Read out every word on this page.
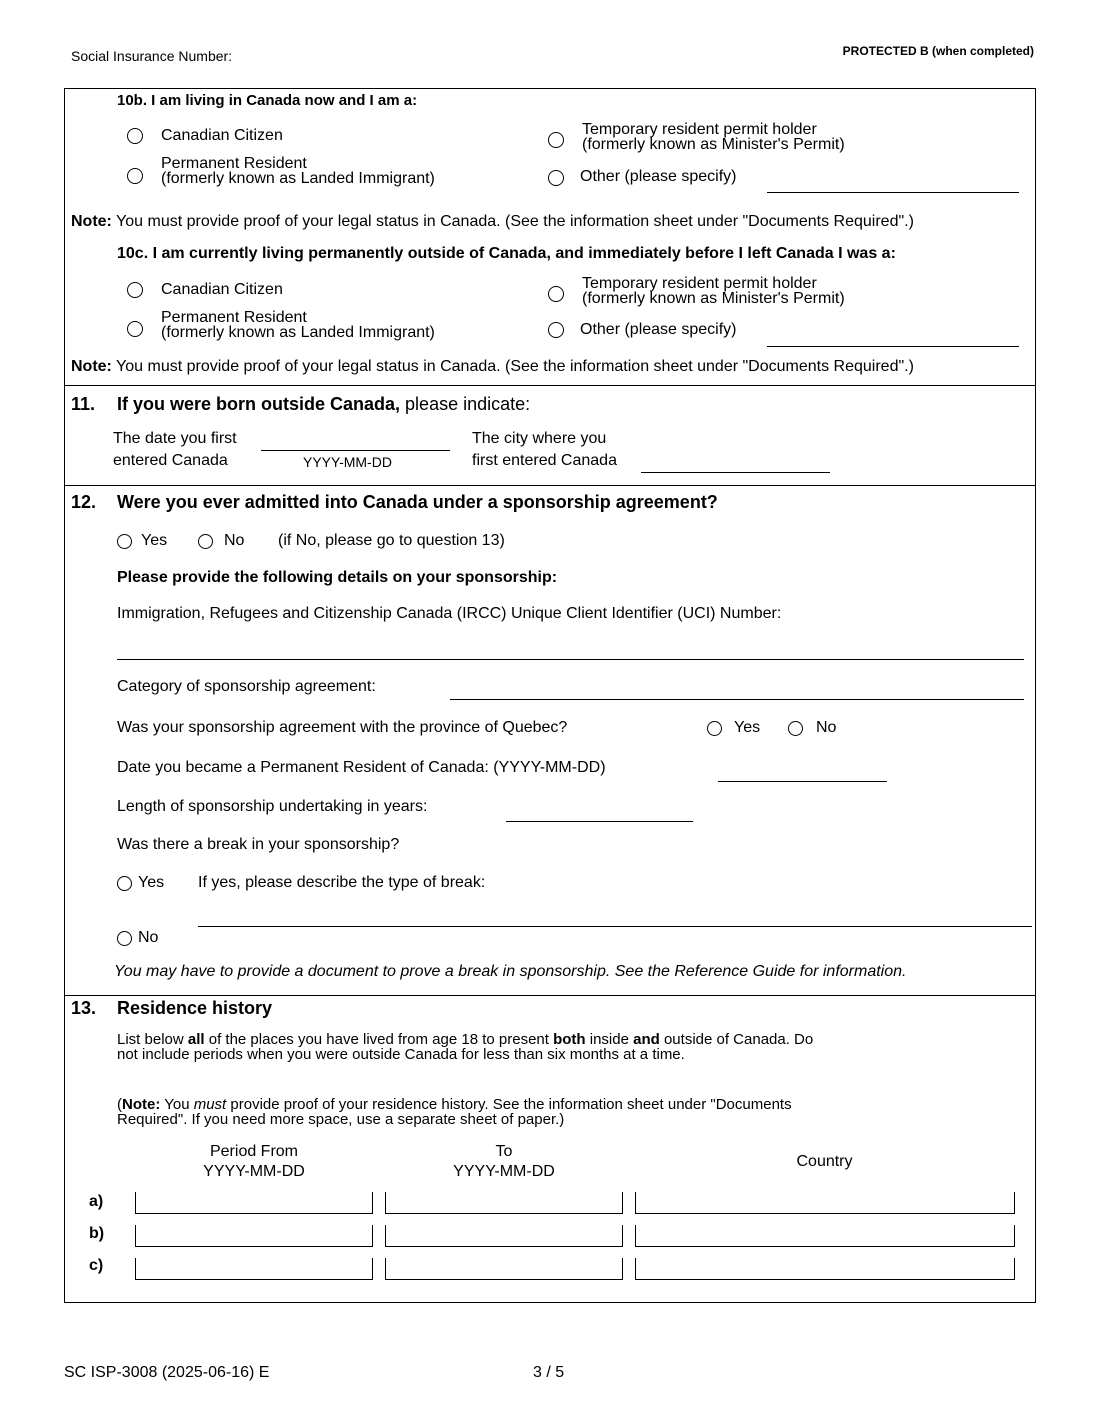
Social Insurance Number:	PROTECTED B (when completed)
10b. I am living in Canada now and I am a:
Canadian Citizen
Permanent Resident
(formerly known as Landed Immigrant)
Temporary resident permit holder
(formerly known as Minister's Permit)
Other (please specify)
Note: You must provide proof of your legal status in Canada. (See the information sheet under "Documents Required".)
10c. I am currently living permanently outside of Canada, and immediately before I left Canada I was a:
Canadian Citizen
Permanent Resident
(formerly known as Landed Immigrant)
Temporary resident permit holder
(formerly known as Minister's Permit)
Other (please specify)
Note: You must provide proof of your legal status in Canada. (See the information sheet under "Documents Required".)
11. If you were born outside Canada, please indicate:
The date you first
entered Canada	YYYY-MM-DD
The city where you
first entered Canada
12. Were you ever admitted into Canada under a sponsorship agreement?
Yes	No (if No, please go to question 13)
Please provide the following details on your sponsorship:
Immigration, Refugees and Citizenship Canada (IRCC) Unique Client Identifier (UCI) Number:
Category of sponsorship agreement:
Was your sponsorship agreement with the province of Quebec?	Yes	No
Date you became a Permanent Resident of Canada: (YYYY-MM-DD)
Length of sponsorship undertaking in years:
Was there a break in your sponsorship?
Yes If yes, please describe the type of break:
No
You may have to provide a document to prove a break in sponsorship. See the Reference Guide for information.
13. Residence history
List below all of the places you have lived from age 18 to present both inside and outside of Canada. Do not include periods when you were outside Canada for less than six months at a time.
(Note: You must provide proof of your residence history. See the information sheet under "Documents Required". If you need more space, use a separate sheet of paper.)
Period From
YYYY-MM-DD
To
YYYY-MM-DD
Country
a)
b)
c)
SC ISP-3008 (2025-06-16) E	3 / 5
